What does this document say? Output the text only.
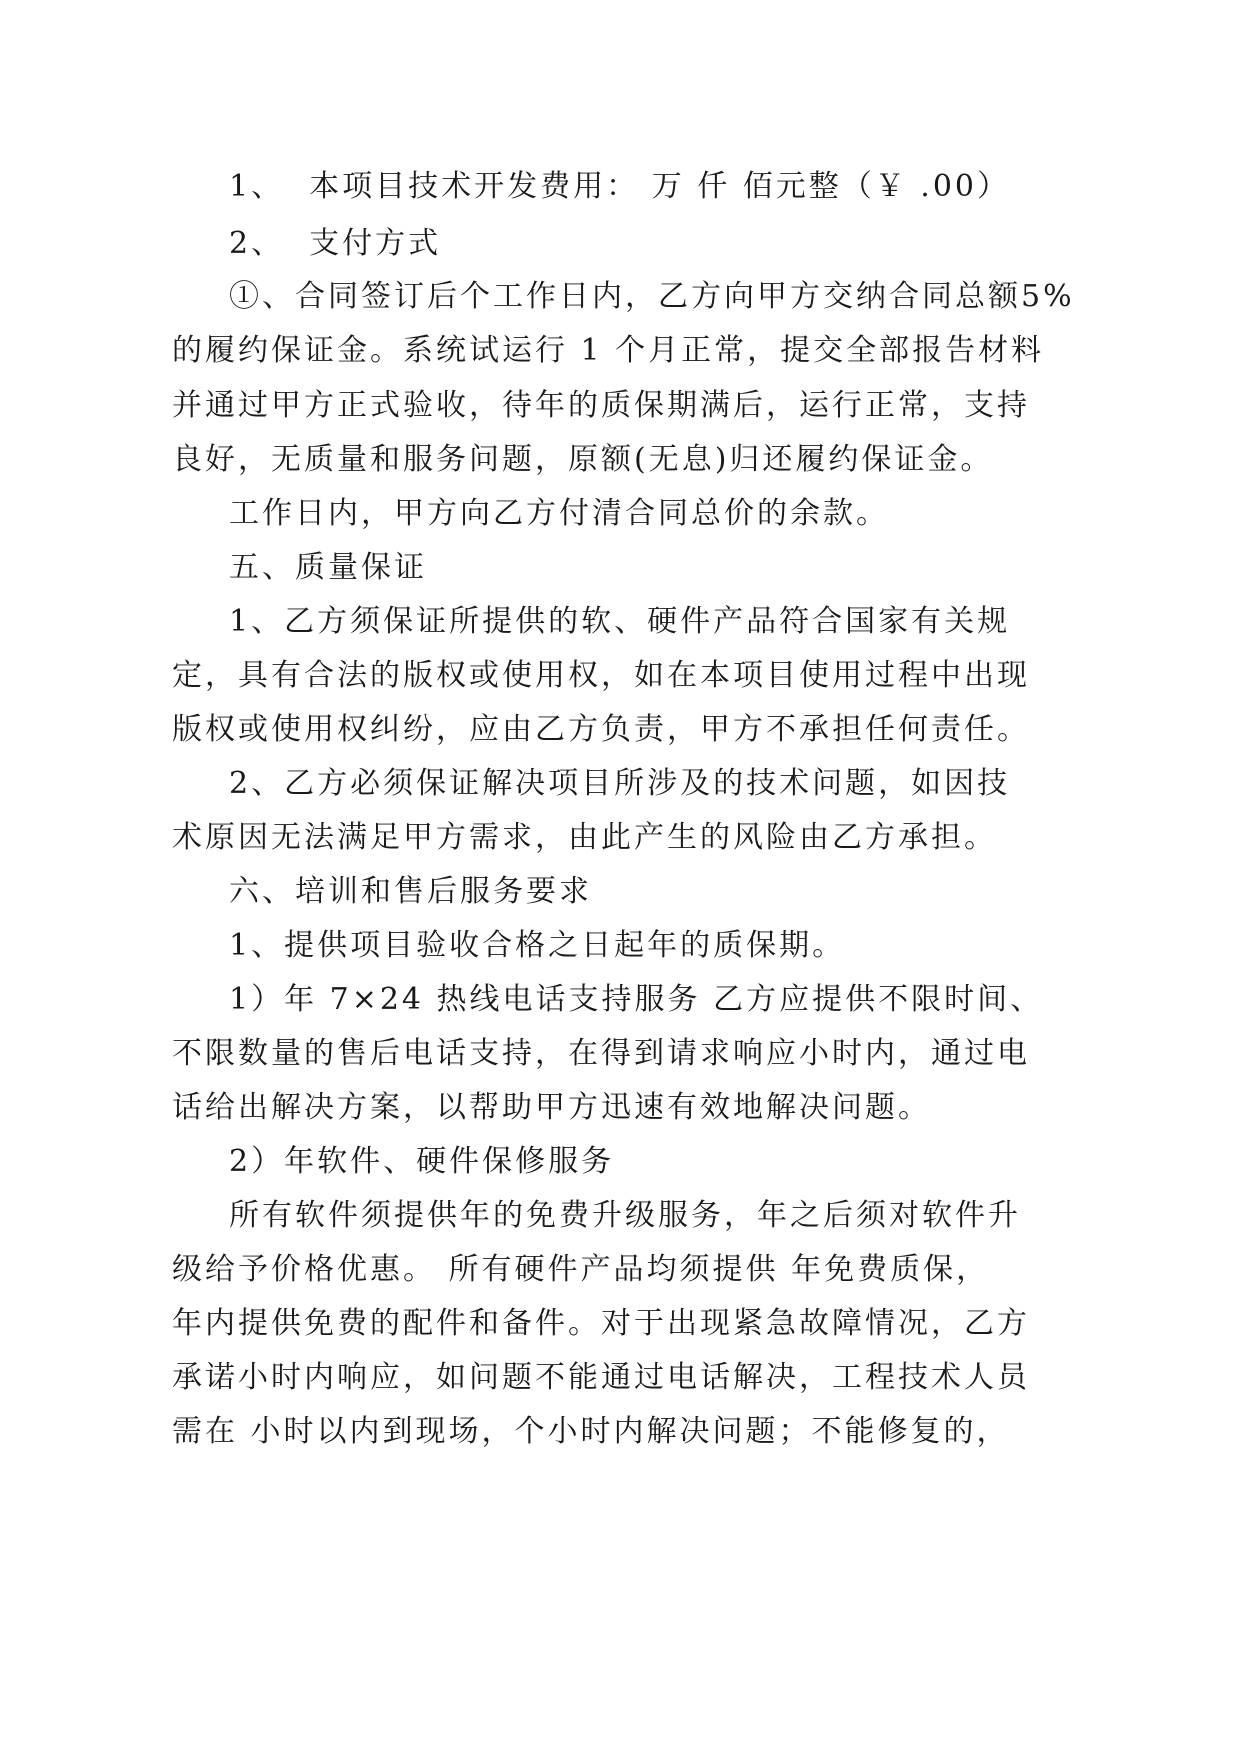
1、  本项目技术开发费用： 万 仟 佰元整（￥ .00）
2、  支付方式
①、合同签订后个工作日内，乙方向甲方交纳合同总额5%
的履约保证金。系统试运行 1 个月正常，提交全部报告材料
并通过甲方正式验收，待年的质保期满后，运行正常，支持
良好，无质量和服务问题，原额(无息)归还履约保证金。
工作日内，甲方向乙方付清合同总价的余款。
五、质量保证
1、乙方须保证所提供的软、硬件产品符合国家有关规
定，具有合法的版权或使用权，如在本项目使用过程中出现
版权或使用权纠纷，应由乙方负责，甲方不承担任何责任。
2、乙方必须保证解决项目所涉及的技术问题，如因技
术原因无法满足甲方需求，由此产生的风险由乙方承担。
六、培训和售后服务要求
1、提供项目验收合格之日起年的质保期。
1）年 7×24 热线电话支持服务 乙方应提供不限时间、
不限数量的售后电话支持，在得到请求响应小时内，通过电
话给出解决方案，以帮助甲方迅速有效地解决问题。
2）年软件、硬件保修服务
所有软件须提供年的免费升级服务，年之后须对软件升
级给予价格优惠。 所有硬件产品均须提供 年免费质保，
年内提供免费的配件和备件。对于出现紧急故障情况，乙方
承诺小时内响应，如问题不能通过电话解决，工程技术人员
需在 小时以内到现场，个小时内解决问题；不能修复的，
